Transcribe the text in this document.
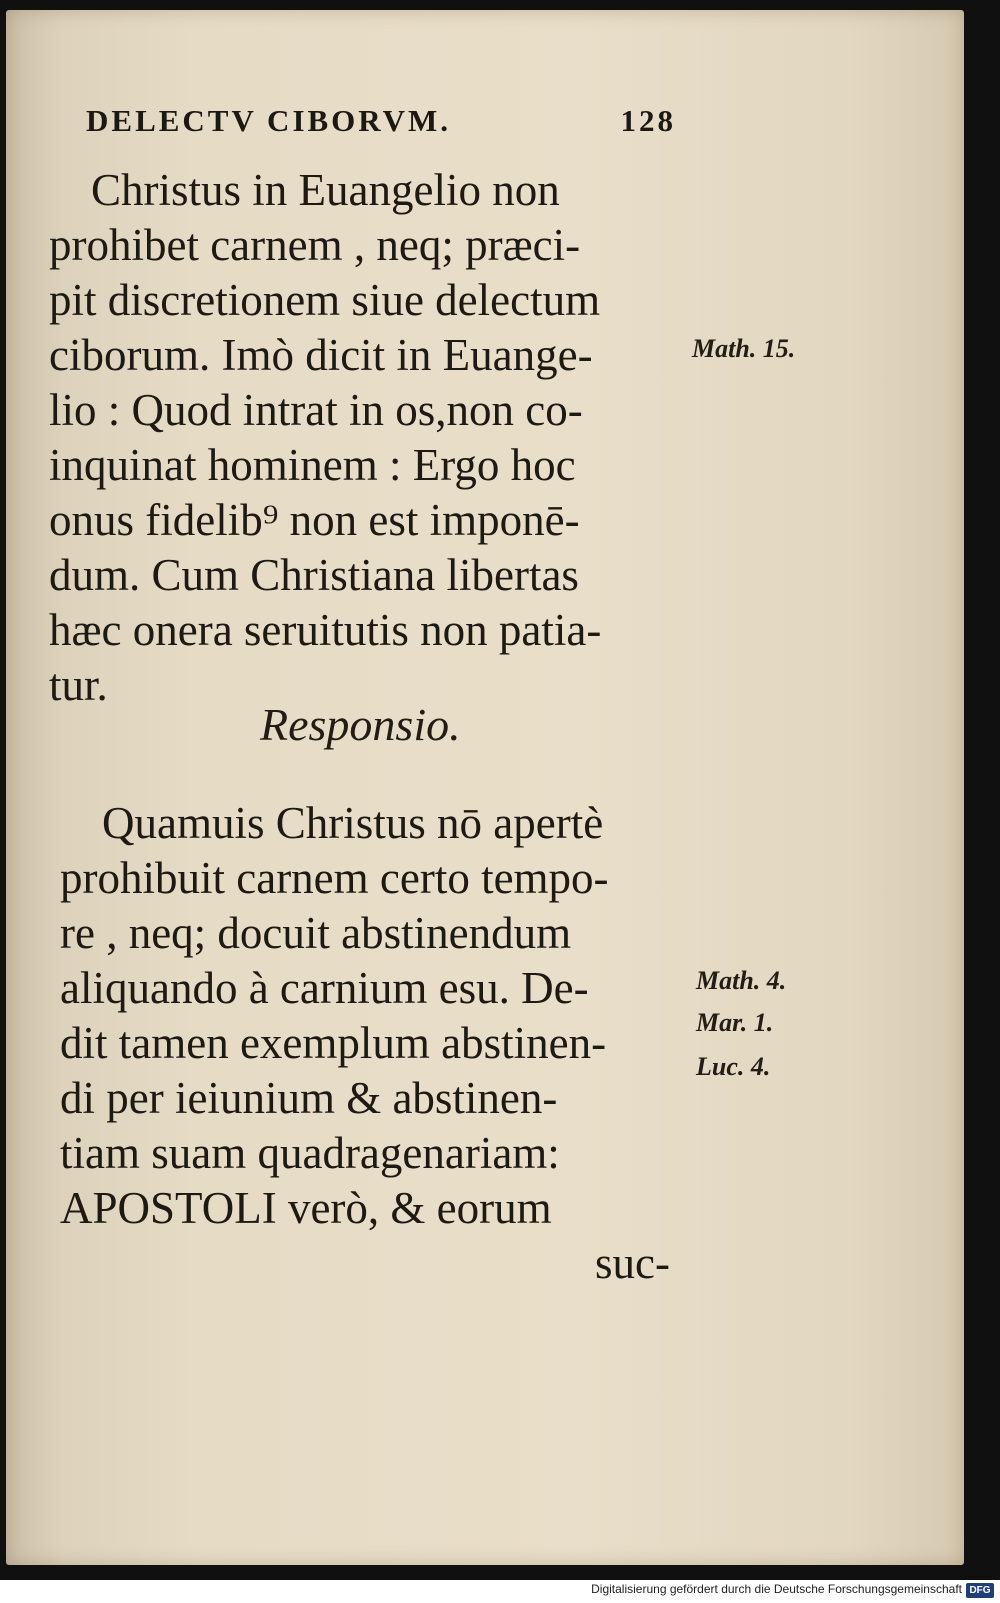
DELECTV CIBORVM.	128
Christus in Euangelio non
prohibet carnem , neq; præci-
pit discretionem siue delectum
ciborum. Imò dicit in Euange-
lio : Quod intrat in os,non co-
inquinat hominem : Ergo hoc
onus fidelib⁹ non est imponē-
dum. Cum Christiana libertas
hæc onera seruitutis non patia-
tur.
Responsio.
Quamuis Christus nō apertè
prohibuit carnem certo tempo-
re , neq; docuit abstinendum
aliquando à carnium esu. De-
dit tamen exemplum abstinen-
di per ieiunium & abstinen-
tiam suam quadragenariam:
APOSTOLI verò, & eorum
suc-
Math. 15.
Math. 4.
Mar. 1.
Luc. 4.
Digitalisierung gefördert durch die Deutsche Forschungsgemeinschaft DFG
